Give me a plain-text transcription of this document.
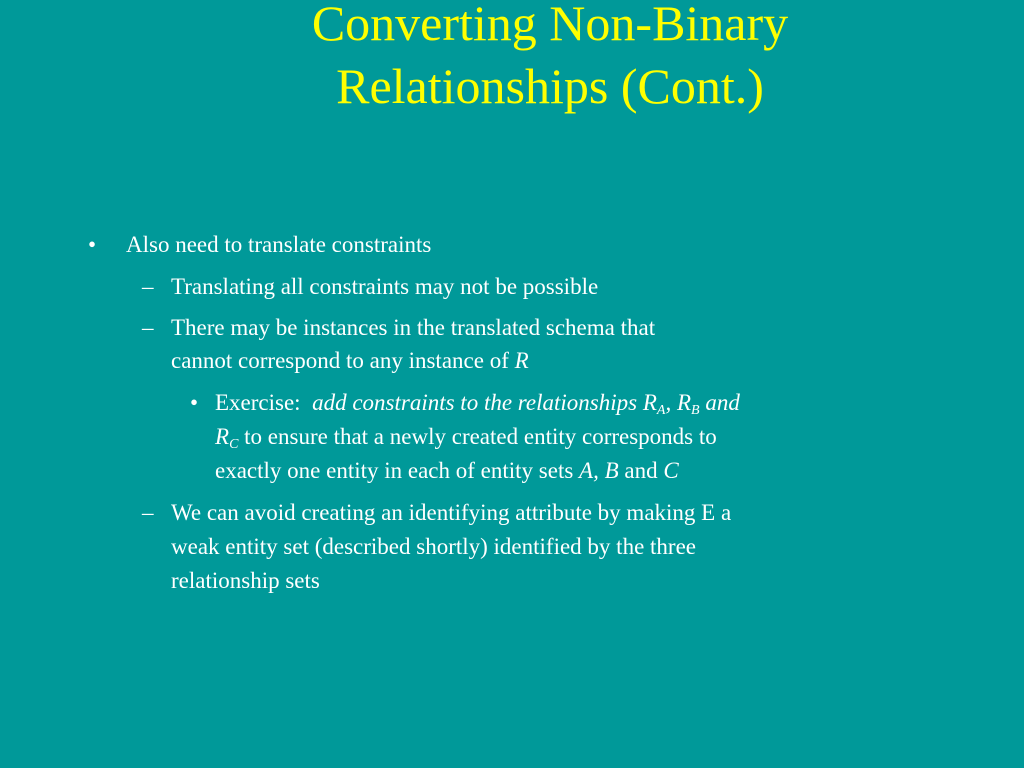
Converting Non-Binary
Relationships (Cont.)
• Also need to translate constraints
– Translating all constraints may not be possible
– There may be instances in the translated schema that
cannot correspond to any instance of R
• Exercise: add constraints to the relationships $R_A$, $R_B$ and
$R_C$ to ensure that a newly created entity corresponds to
exactly one entity in each of entity sets A, B and C
– We can avoid creating an identifying attribute by making E a
weak entity set (described shortly) identified by the three
relationship sets
